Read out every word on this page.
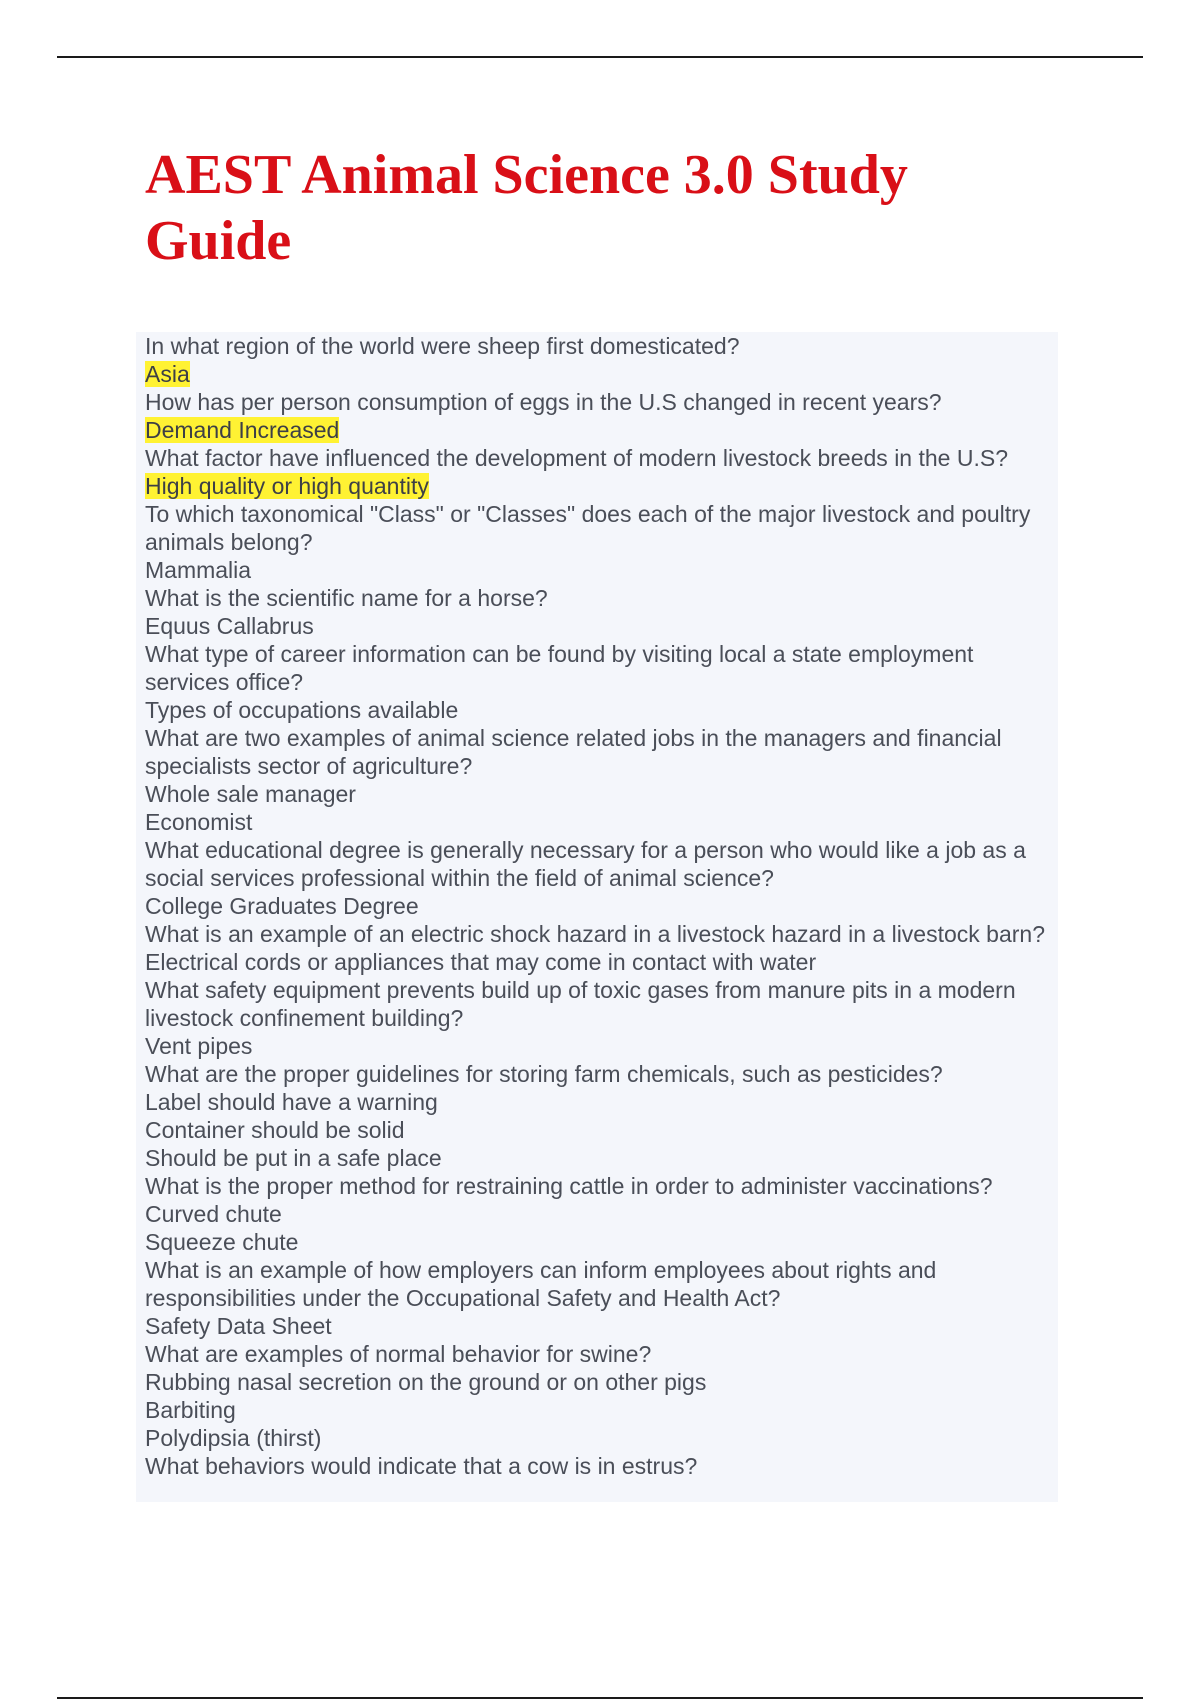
AEST Animal Science 3.0 Study Guide
In what region of the world were sheep first domesticated?
Asia
How has per person consumption of eggs in the U.S changed in recent years?
Demand Increased
What factor have influenced the development of modern livestock breeds in the U.S?
High quality or high quantity
To which taxonomical "Class" or "Classes" does each of the major livestock and poultry animals belong?
Mammalia
What is the scientific name for a horse?
Equus Callabrus
What type of career information can be found by visiting local a state employment services office?
Types of occupations available
What are two examples of animal science related jobs in the managers and financial specialists sector of agriculture?
Whole sale manager
Economist
What educational degree is generally necessary for a person who would like a job as a social services professional within the field of animal science?
College Graduates Degree
What is an example of an electric shock hazard in a livestock hazard in a livestock barn?
Electrical cords or appliances that may come in contact with water
What safety equipment prevents build up of toxic gases from manure pits in a modern livestock confinement building?
Vent pipes
What are the proper guidelines for storing farm chemicals, such as pesticides?
Label should have a warning
Container should be solid
Should be put in a safe place
What is the proper method for restraining cattle in order to administer vaccinations?
Curved chute
Squeeze chute
What is an example of how employers can inform employees about rights and responsibilities under the Occupational Safety and Health Act?
Safety Data Sheet
What are examples of normal behavior for swine?
Rubbing nasal secretion on the ground or on other pigs
Barbiting
Polydipsia (thirst)
What behaviors would indicate that a cow is in estrus?
